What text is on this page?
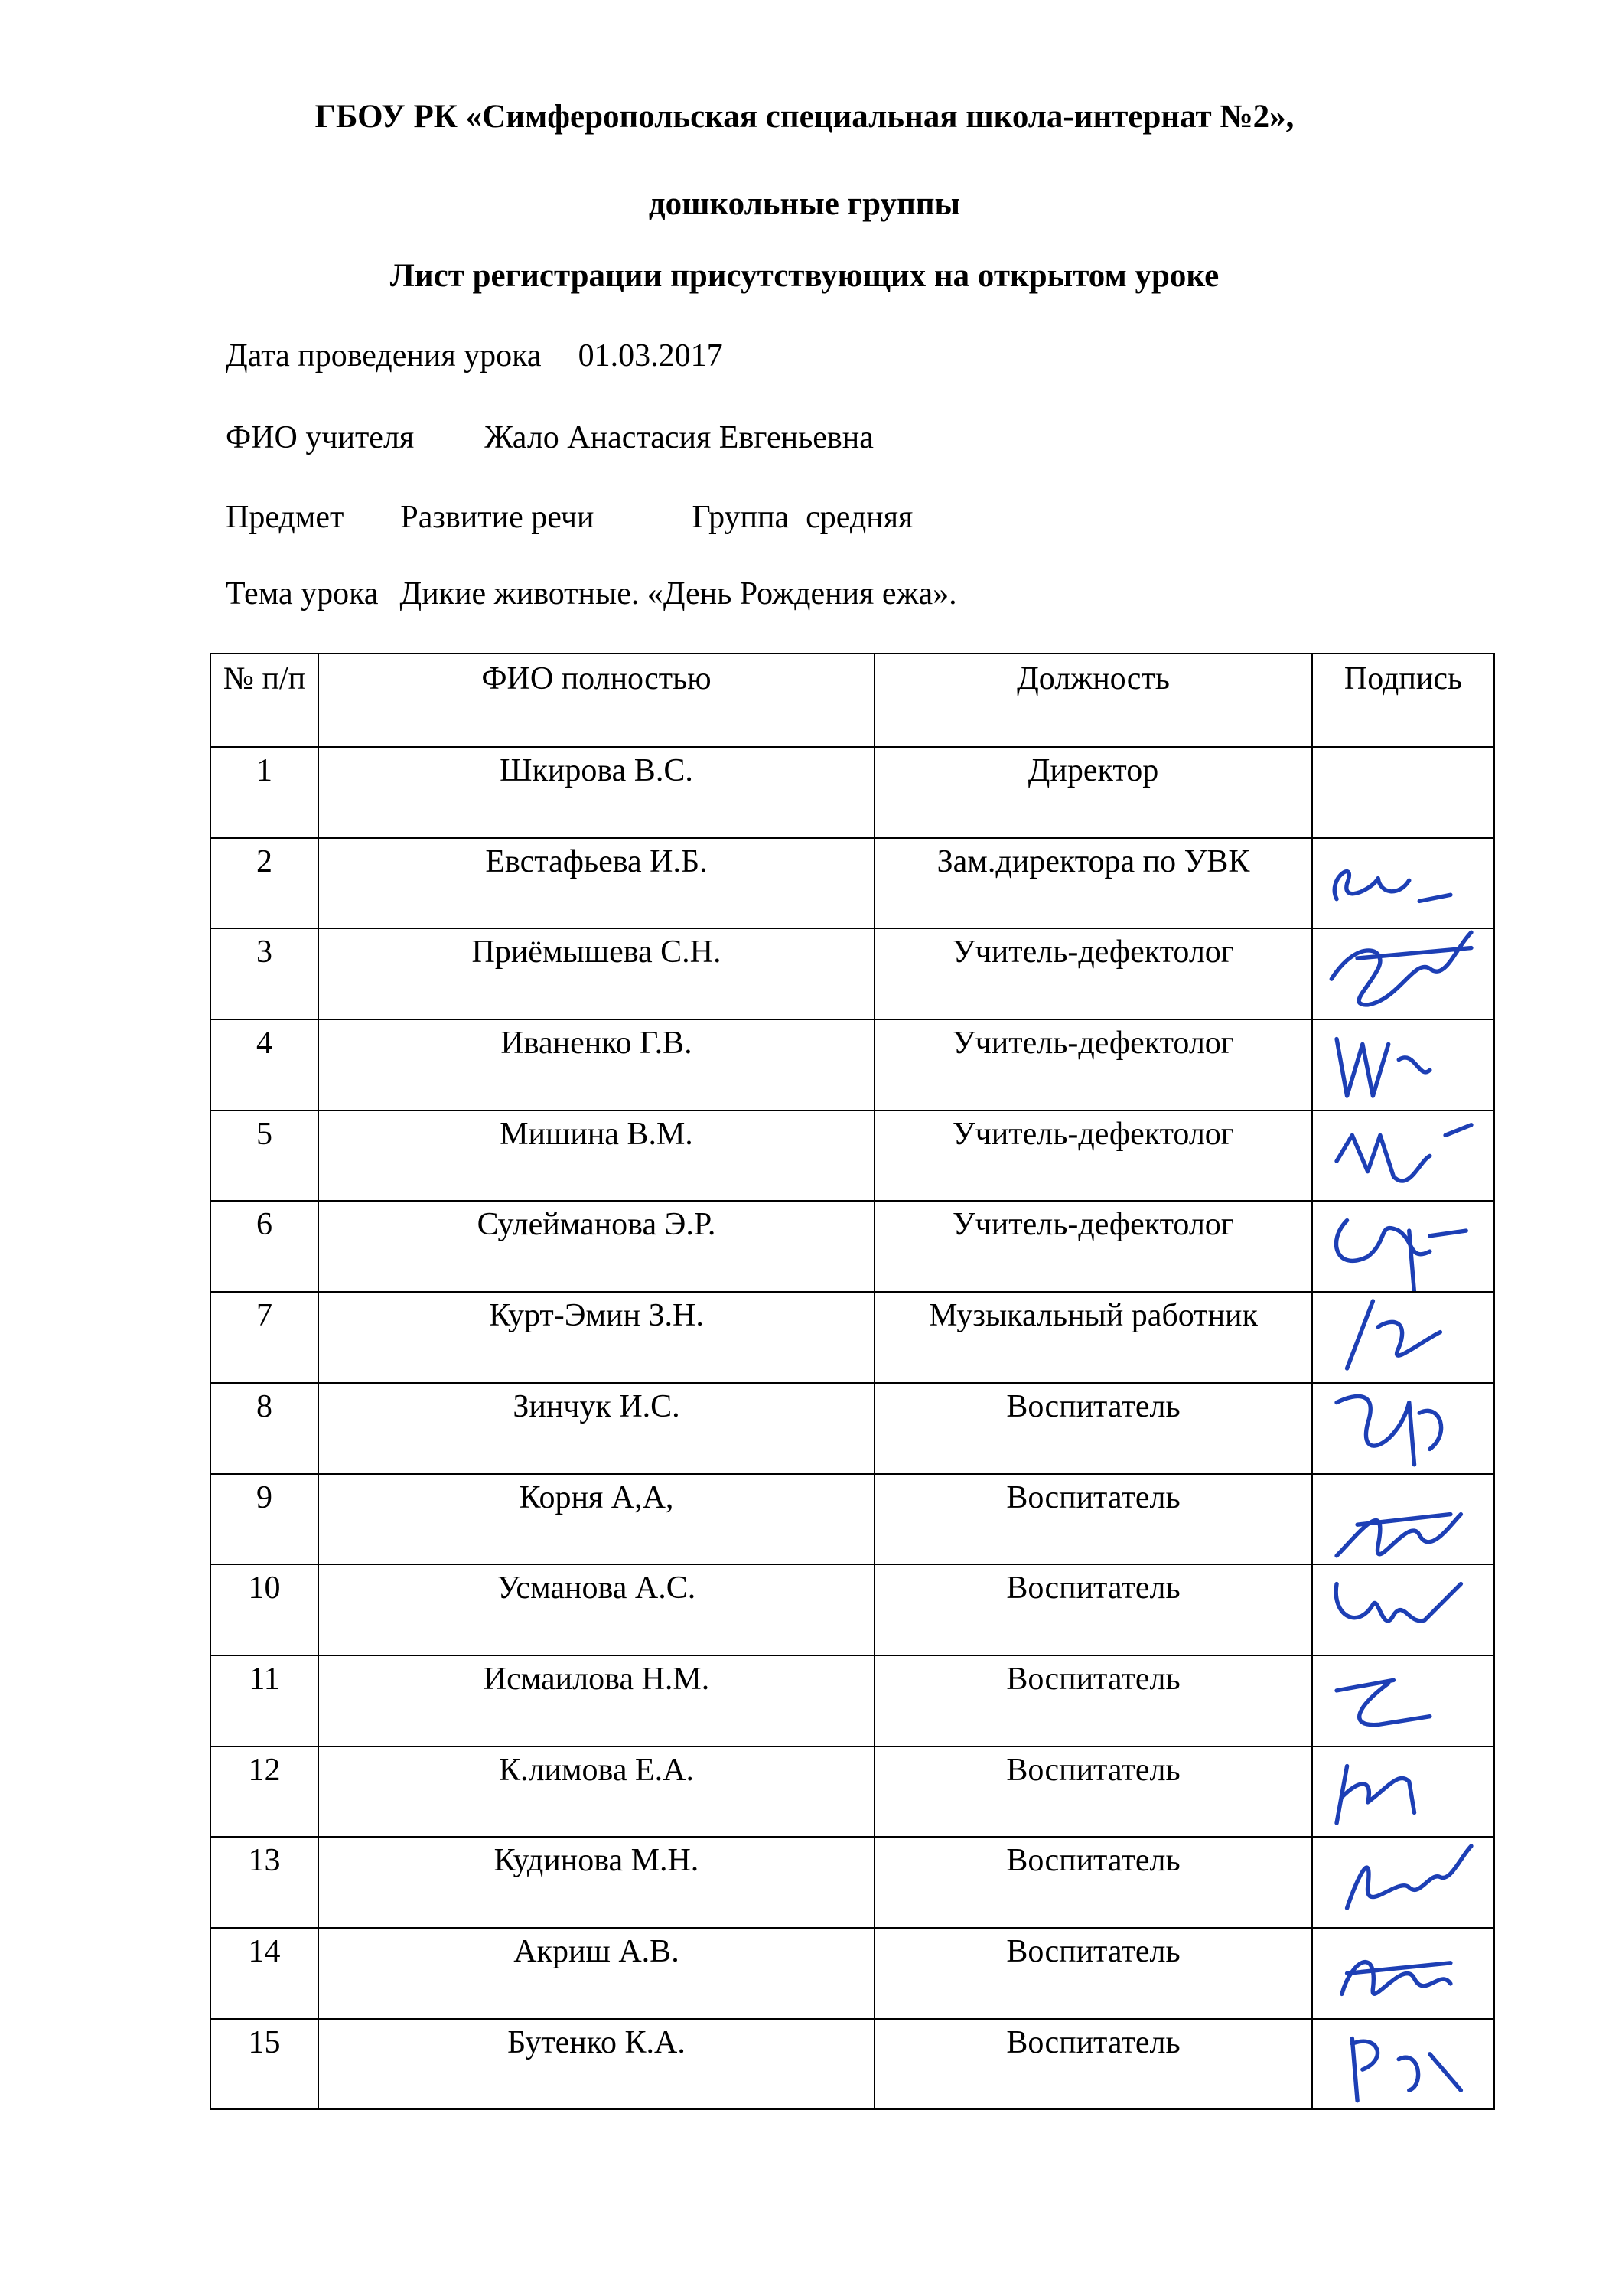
ГБОУ РК «Симферопольская специальная школа-интернат №2»,
дошкольные группы
Лист регистрации присутствующих на открытом уроке
Дата проведения урока 01.03.2017
ФИО учителя Жало Анастасия Евгеньевна
Предмет Развитие речи	Группа средняя
Тема урока Дикие животные. «День Рождения ежа».
№ п/п	ФИО полностью	Должность	Подпись
1	Шкирова В.С.	Директор	
2	Евстафьева И.Б.	Зам.директора по УВК	

3	Приёмышева С.Н.	Учитель-дефектолог	

4	Иваненко Г.В.	Учитель-дефектолог	

5	Мишина В.М.	Учитель-дефектолог	

6	Сулейманова Э.Р.	Учитель-дефектолог	

7	Курт-Эмин З.Н.	Музыкальный работник	

8	Зинчук И.С.	Воспитатель	

9	Корня А,А,	Воспитатель	

10	Усманова А.С.	Воспитатель	

11	Исмаилова Н.М.	Воспитатель	

12	К.лимова Е.А.	Воспитатель	

13	Кудинова М.Н.	Воспитатель	

14	Акриш А.В.	Воспитатель	

15	Бутенко К.А.	Воспитатель	
